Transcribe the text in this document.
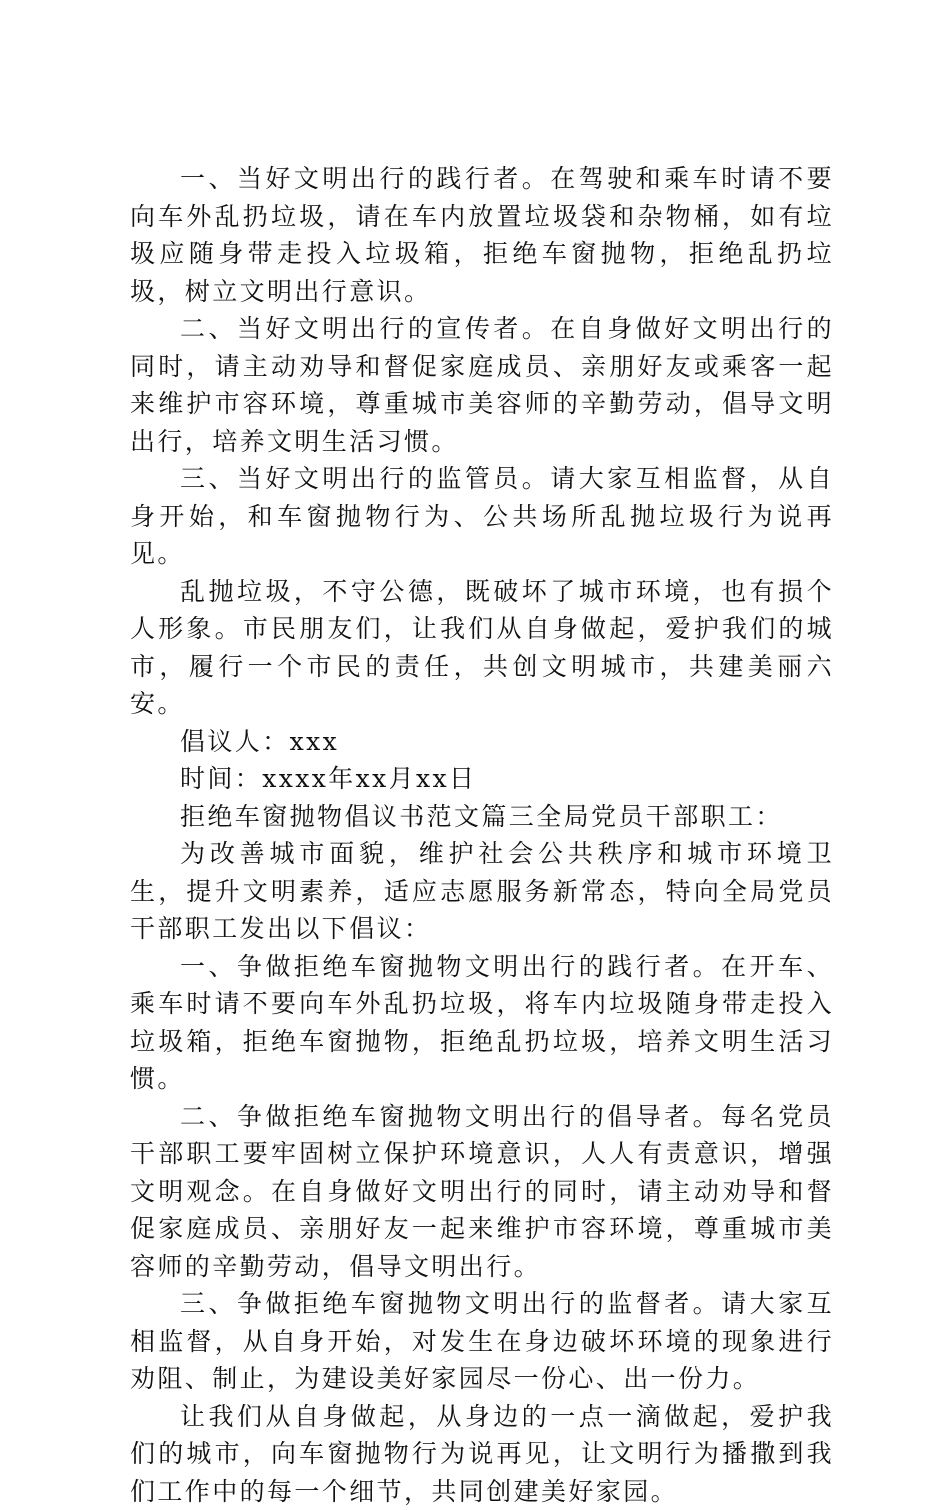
一、当好文明出行的践行者。在驾驶和乘车时请不要向车外乱扔垃圾，请在车内放置垃圾袋和杂物桶，如有垃圾应随身带走投入垃圾箱，拒绝车窗抛物，拒绝乱扔垃圾，树立文明出行意识。

二、当好文明出行的宣传者。在自身做好文明出行的同时，请主动劝导和督促家庭成员、亲朋好友或乘客一起来维护市容环境，尊重城市美容师的辛勤劳动，倡导文明出行，培养文明生活习惯。

三、当好文明出行的监管员。请大家互相监督，从自身开始，和车窗抛物行为、公共场所乱抛垃圾行为说再见。

乱抛垃圾，不守公德，既破坏了城市环境，也有损个人形象。市民朋友们，让我们从自身做起，爱护我们的城市，履行一个市民的责任，共创文明城市，共建美丽六安。

倡议人：xxx

时间：xxxx年xx月xx日

拒绝车窗抛物倡议书范文篇三全局党员干部职工：

为改善城市面貌，维护社会公共秩序和城市环境卫生，提升文明素养，适应志愿服务新常态，特向全局党员干部职工发出以下倡议：

一、争做拒绝车窗抛物文明出行的践行者。在开车、乘车时请不要向车外乱扔垃圾，将车内垃圾随身带走投入垃圾箱，拒绝车窗抛物，拒绝乱扔垃圾，培养文明生活习惯。

二、争做拒绝车窗抛物文明出行的倡导者。每名党员干部职工要牢固树立保护环境意识，人人有责意识，增强文明观念。在自身做好文明出行的同时，请主动劝导和督促家庭成员、亲朋好友一起来维护市容环境，尊重城市美容师的辛勤劳动，倡导文明出行。

三、争做拒绝车窗抛物文明出行的监督者。请大家互相监督，从自身开始，对发生在身边破坏环境的现象进行劝阻、制止，为建设美好家园尽一份心、出一份力。

让我们从自身做起，从身边的一点一滴做起，爱护我们的城市，向车窗抛物行为说再见，让文明行为播撒到我们工作中的每一个细节，共同创建美好家园。
